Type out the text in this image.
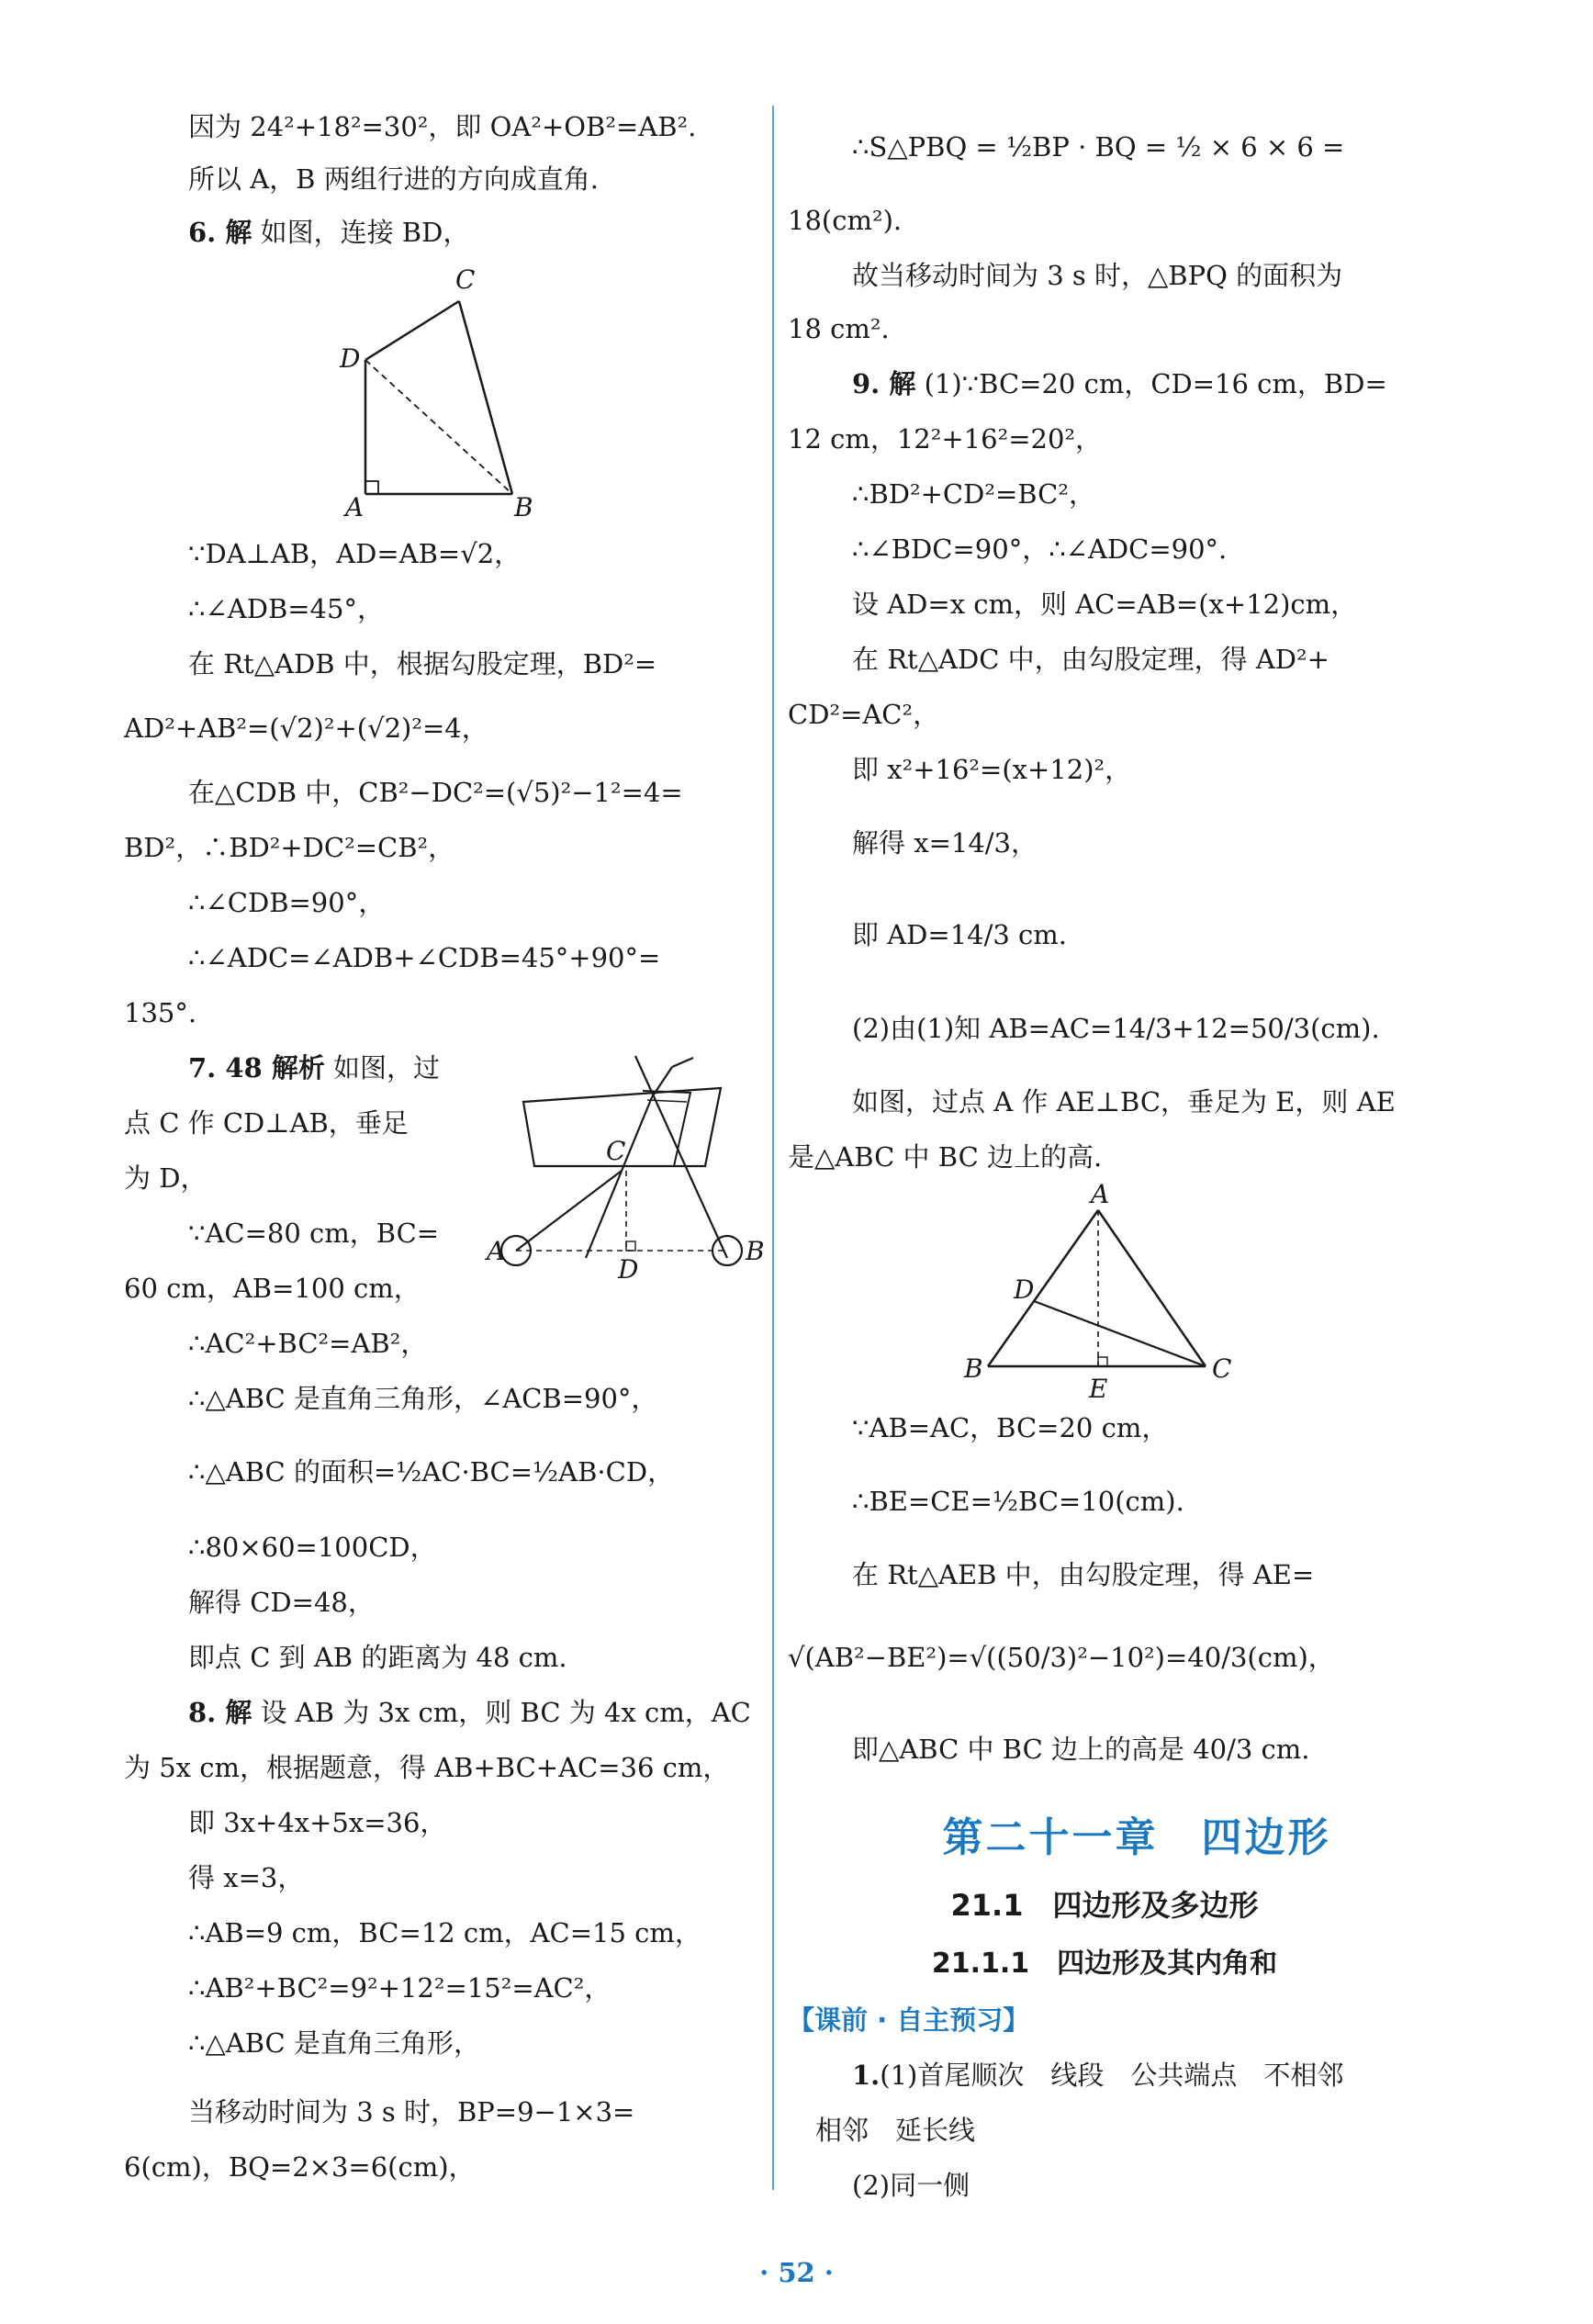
因为 24²+18²=30²，即 OA²+OB²=AB².
所以 A，B 两组行进的方向成直角.
6. 解 如图，连接 BD，
C
D
A	B
∵DA⊥AB，AD=AB=√2，
∴∠ADB=45°，
在 Rt△ADB 中，根据勾股定理，BD²=
AD²+AB²=(√2)²+(√2)²=4，
在△CDB 中，CB²−DC²=(√5)²−1²=4=
BD²，∴BD²+DC²=CB²，
∴∠CDB=90°，
∴∠ADC=∠ADB+∠CDB=45°+90°=
135°.
7. 48 解析 如图，过
点 C 作 CD⊥AB，垂足
为 D，
∵AC=80 cm，BC=
60 cm，AB=100 cm，
C
A
D
B
∴AC²+BC²=AB²，
∴△ABC 是直角三角形，∠ACB=90°，
∴△ABC 的面积=½AC·BC=½AB·CD，
∴80×60=100CD，
解得 CD=48，
即点 C 到 AB 的距离为 48 cm.
8. 解 设 AB 为 3x cm，则 BC 为 4x cm，AC
为 5x cm，根据题意，得 AB+BC+AC=36 cm，
即 3x+4x+5x=36，
得 x=3，
∴AB=9 cm，BC=12 cm，AC=15 cm，
∴AB²+BC²=9²+12²=15²=AC²，
∴△ABC 是直角三角形，
当移动时间为 3 s 时，BP=9−1×3=
6(cm)，BQ=2×3=6(cm)，
∴S△PBQ = ½BP · BQ = ½ × 6 × 6 =
18(cm²).
故当移动时间为 3 s 时，△BPQ 的面积为
18 cm².
9. 解 (1)∵BC=20 cm，CD=16 cm，BD=
12 cm，12²+16²=20²，
∴BD²+CD²=BC²，
∴∠BDC=90°，∴∠ADC=90°.
设 AD=x cm，则 AC=AB=(x+12)cm，
在 Rt△ADC 中，由勾股定理，得 AD²+
CD²=AC²，
即 x²+16²=(x+12)²，
解得 x=14/3，
即 AD=14/3 cm.
(2)由(1)知 AB=AC=14/3+12=50/3(cm).
如图，过点 A 作 AE⊥BC，垂足为 E，则 AE
是△ABC 中 BC 边上的高.
A
D
B
E
C
∵AB=AC，BC=20 cm，
∴BE=CE=½BC=10(cm).
在 Rt△AEB 中，由勾股定理，得 AE=
√(AB²−BE²)=√((50/3)²−10²)=40/3(cm)，
即△ABC 中 BC 边上的高是 40/3 cm.
第二十一章　四边形
21.1　四边形及多边形
21.1.1　四边形及其内角和
【课前 · 自主预习】
1.(1)首尾顺次　线段　公共端点　不相邻
相邻　延长线
(2)同一侧
· 52 ·
